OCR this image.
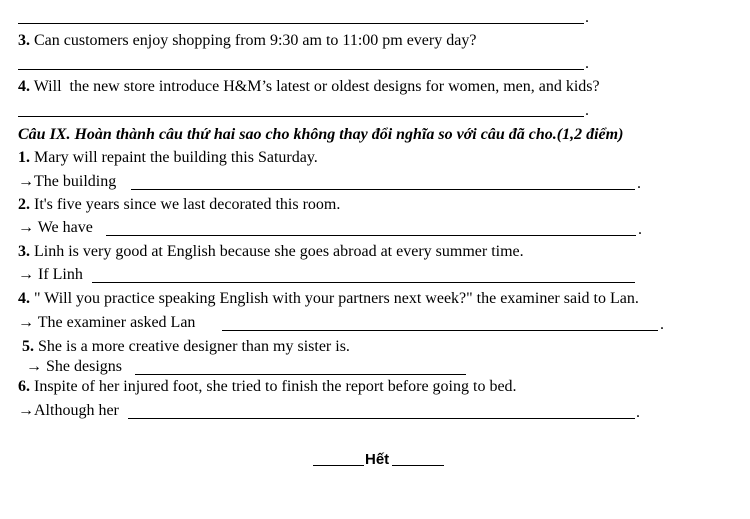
.
3. Can customers enjoy shopping from 9:30 am to 11:00 pm every day?
.
4. Will  the new store introduce H&M’s latest or oldest designs for women, men, and kids?
.
Câu IX. Hoàn thành câu thứ hai sao cho không thay đổi nghĩa so với câu đã cho.(1,2 điểm)
1. Mary will repaint the building this Saturday.
→The building	.
2. It's five years since we last decorated this room.
→ We have	.
3. Linh is very good at English because she goes abroad at every summer time.
→ If Linh
4. " Will you practice speaking English with your partners next week?" the examiner said to Lan.
→ The examiner asked Lan	.
5. She is a more creative designer than my sister is.
→ She designs
6. Inspite of her injured foot, she tried to finish the report before going to bed.
→Although her	.
Hết
